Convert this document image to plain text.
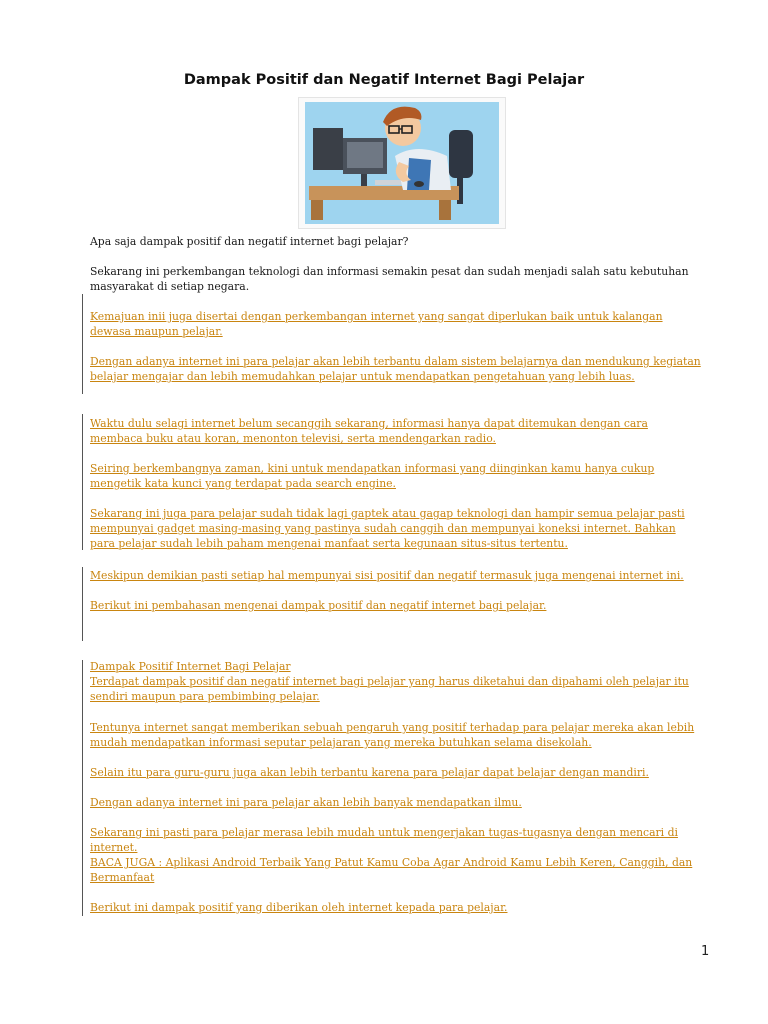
Dampak Positif dan Negatif Internet Bagi Pelajar

Apa saja dampak positif dan negatif internet bagi pelajar?

Sekarang ini perkembangan teknologi dan informasi semakin pesat dan sudah menjadi salah satu kebutuhan masyarakat di setiap negara.

Kemajuan inii juga disertai dengan perkembangan internet yang sangat diperlukan baik untuk kalangan dewasa maupun pelajar.

Dengan adanya internet ini para pelajar akan lebih terbantu dalam sistem belajarnya dan mendukung kegiatan belajar mengajar dan lebih memudahkan pelajar untuk mendapatkan pengetahuan yang lebih luas.

Waktu dulu selagi internet belum secanggih sekarang, informasi hanya dapat ditemukan dengan cara membaca buku atau koran, menonton televisi, serta mendengarkan radio.

Seiring berkembangnya zaman, kini untuk mendapatkan informasi yang diinginkan kamu hanya cukup mengetik kata kunci yang terdapat pada search engine.

Sekarang ini juga para pelajar sudah tidak lagi gaptek atau gagap teknologi dan hampir semua pelajar pasti mempunyai gadget masing-masing yang pastinya sudah canggih dan mempunyai koneksi internet. Bahkan para pelajar sudah lebih paham mengenai manfaat serta kegunaan situs-situs tertentu.

Meskipun demikian pasti setiap hal mempunyai sisi positif dan negatif termasuk juga mengenai internet ini.

Berikut ini pembahasan mengenai dampak positif dan negatif internet bagi pelajar.

Dampak Positif Internet Bagi Pelajar

Terdapat dampak positif dan negatif internet bagi pelajar yang harus diketahui dan dipahami oleh pelajar itu sendiri maupun para pembimbing pelajar.

Tentunya internet sangat memberikan sebuah pengaruh yang positif terhadap para pelajar mereka akan lebih mudah mendapatkan informasi seputar pelajaran yang mereka butuhkan selama disekolah.

Selain itu para guru-guru juga akan lebih terbantu karena para pelajar dapat belajar dengan mandiri.

Dengan adanya internet ini para pelajar akan lebih banyak mendapatkan ilmu.

Sekarang ini pasti para pelajar merasa lebih mudah untuk mengerjakan tugas-tugasnya dengan mencari di internet.

BACA JUGA : Aplikasi Android Terbaik Yang Patut Kamu Coba Agar Android Kamu Lebih Keren, Canggih, dan Bermanfaat

Berikut ini dampak positif yang diberikan oleh internet kepada para pelajar.

1
